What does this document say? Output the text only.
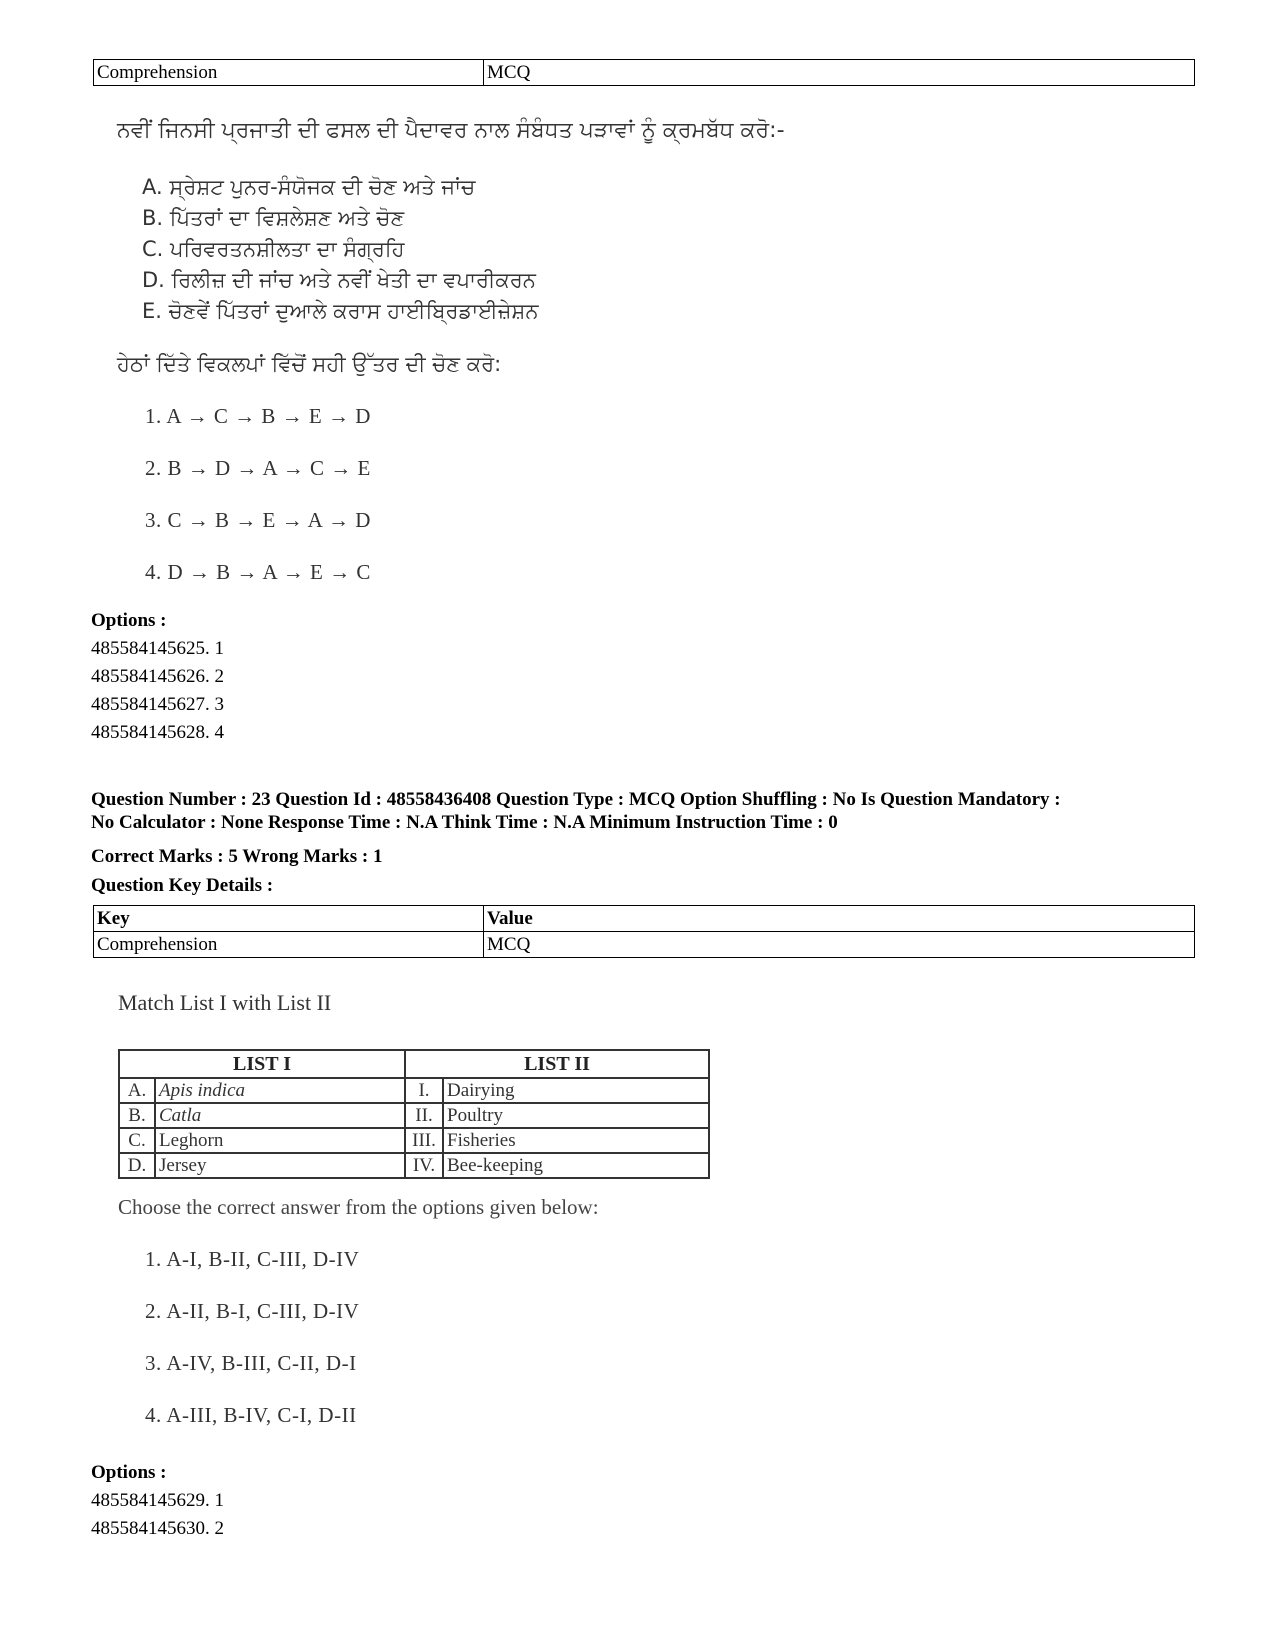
Comprehension	MCQ
ਨਵੀਂ ਜਿਨਸੀ ਪ੍ਰਜਾਤੀ ਦੀ ਫਸਲ ਦੀ ਪੈਦਾਵਰ ਨਾਲ ਸੰਬੰਧਤ ਪੜਾਵਾਂ ਨੂੰ ਕ੍ਰਮਬੱਧ ਕਰੋ:-
A. ਸ੍ਰੇਸ਼ਟ ਪੁਨਰ-ਸੰਯੋਜਕ ਦੀ ਚੋਣ ਅਤੇ ਜਾਂਚ
B. ਪਿੱਤਰਾਂ ਦਾ ਵਿਸ਼ਲੇਸ਼ਣ ਅਤੇ ਚੋਣ
C. ਪਰਿਵਰਤਨਸ਼ੀਲਤਾ ਦਾ ਸੰਗ੍ਰਹਿ
D. ਰਿਲੀਜ਼ ਦੀ ਜਾਂਚ ਅਤੇ ਨਵੀਂ ਖੇਤੀ ਦਾ ਵਪਾਰੀਕਰਨ
E. ਚੋਣਵੇਂ ਪਿੱਤਰਾਂ ਦੁਆਲੇ ਕਰਾਸ ਹਾਈਬ੍ਰਿਡਾਈਜ਼ੇਸ਼ਨ
ਹੇਠਾਂ ਦਿੱਤੇ ਵਿਕਲਪਾਂ ਵਿੱਚੋਂ ਸਹੀ ਉੱਤਰ ਦੀ ਚੋਣ ਕਰੋ:
1. A → C → B → E → D
2. B → D → A → C → E
3. C → B → E → A → D
4. D → B → A → E → C
Options :
485584145625. 1
485584145626. 2
485584145627. 3
485584145628. 4
Question Number : 23 Question Id : 48558436408 Question Type : MCQ Option Shuffling : No Is Question Mandatory :
No Calculator : None Response Time : N.A Think Time : N.A Minimum Instruction Time : 0
Correct Marks : 5 Wrong Marks : 1
Question Key Details :
Key	Value
Comprehension	MCQ
Match List I with List II
LIST I		LIST II	
A.	Apis indica	I.	Dairying
B.	Catla	II.	Poultry
C.	Leghorn	III.	Fisheries
D.	Jersey	IV.	Bee-keeping
Choose the correct answer from the options given below:
1. A-I, B-II, C-III, D-IV
2. A-II, B-I, C-III, D-IV
3. A-IV, B-III, C-II, D-I
4. A-III, B-IV, C-I, D-II
Options :
485584145629. 1
485584145630. 2
